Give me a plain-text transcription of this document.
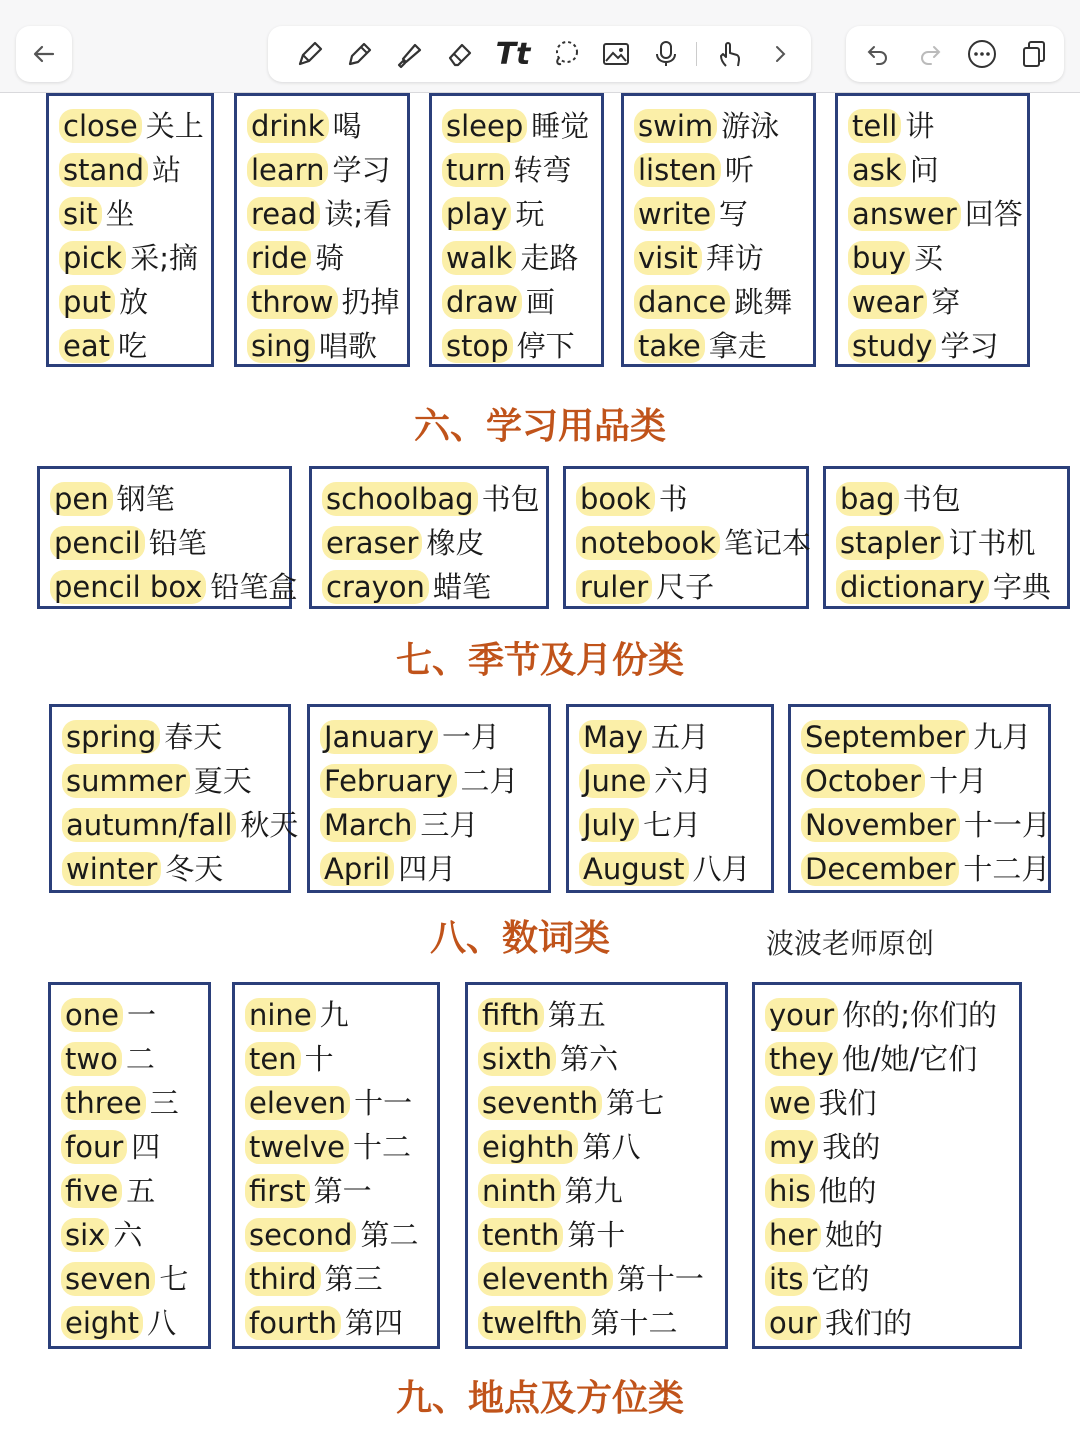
Tt
六、学习用品类
七、季节及月份类
八、数词类	波波老师原创
九、地点及方位类
close 关上
stand 站
sit 坐
pick 采;摘
put 放
eat 吃
drink 喝
learn 学习
read 读;看
ride 骑
throw 扔掉
sing 唱歌
sleep 睡觉
turn 转弯
play 玩
walk 走路
draw 画
stop 停下
swim 游泳
listen 听
write 写
visit 拜访
dance 跳舞
take 拿走
tell 讲
ask 问
answer 回答
buy 买
wear 穿
study 学习
pen 钢笔
pencil 铅笔
pencil box 铅笔盒
schoolbag 书包
eraser 橡皮
crayon 蜡笔
book 书
notebook 笔记本
ruler 尺子
bag 书包
stapler 订书机
dictionary 字典
spring 春天
summer 夏天
autumn/fall 秋天
winter 冬天
January 一月
February 二月
March 三月
April 四月
May 五月
June 六月
July 七月
August 八月
September 九月
October 十月
November 十一月
December 十二月
one 一
two 二
three 三
four 四
five 五
six 六
seven 七
eight 八
nine 九
ten 十
eleven 十一
twelve 十二
first 第一
second 第二
third 第三
fourth 第四
fifth 第五
sixth 第六
seventh 第七
eighth 第八
ninth 第九
tenth 第十
eleventh 第十一
twelfth 第十二
your 你的;你们的
they 他/她/它们
we 我们
my 我的
his 他的
her 她的
its 它的
our 我们的
